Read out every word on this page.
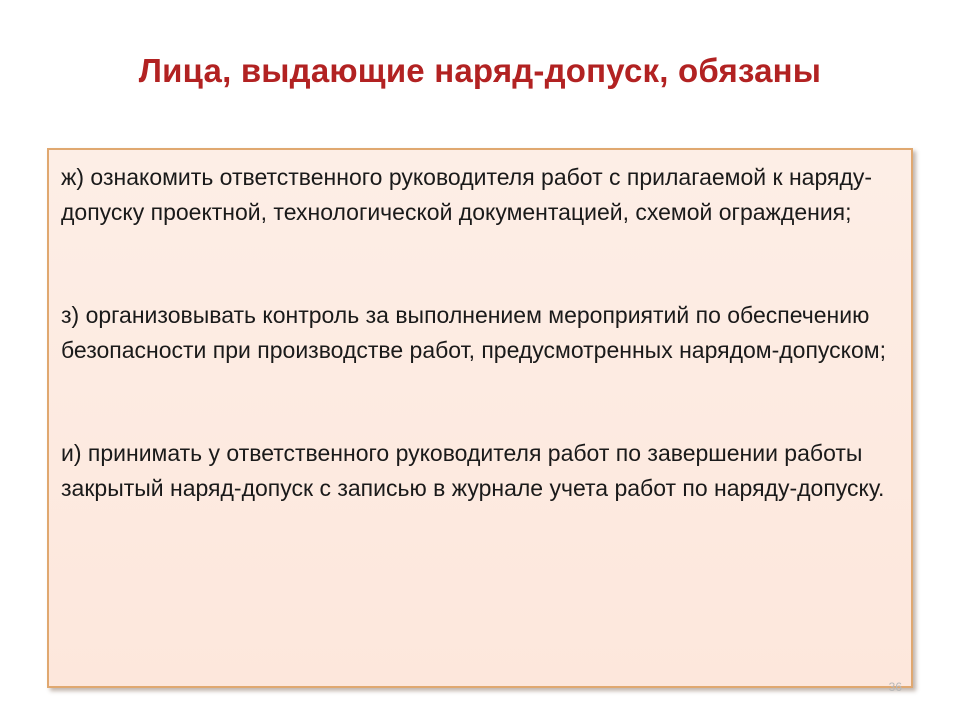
Лица, выдающие наряд-допуск, обязаны

ж) ознакомить ответственного руководителя работ с прилагаемой к наряду-допуску проектной, технологической документацией, схемой ограждения;

з) организовывать контроль за выполнением мероприятий по обеспечению безопасности при производстве работ, предусмотренных нарядом-допуском;

и) принимать у ответственного руководителя работ по завершении работы закрытый наряд-допуск с записью в журнале учета работ по наряду-допуску.

36
